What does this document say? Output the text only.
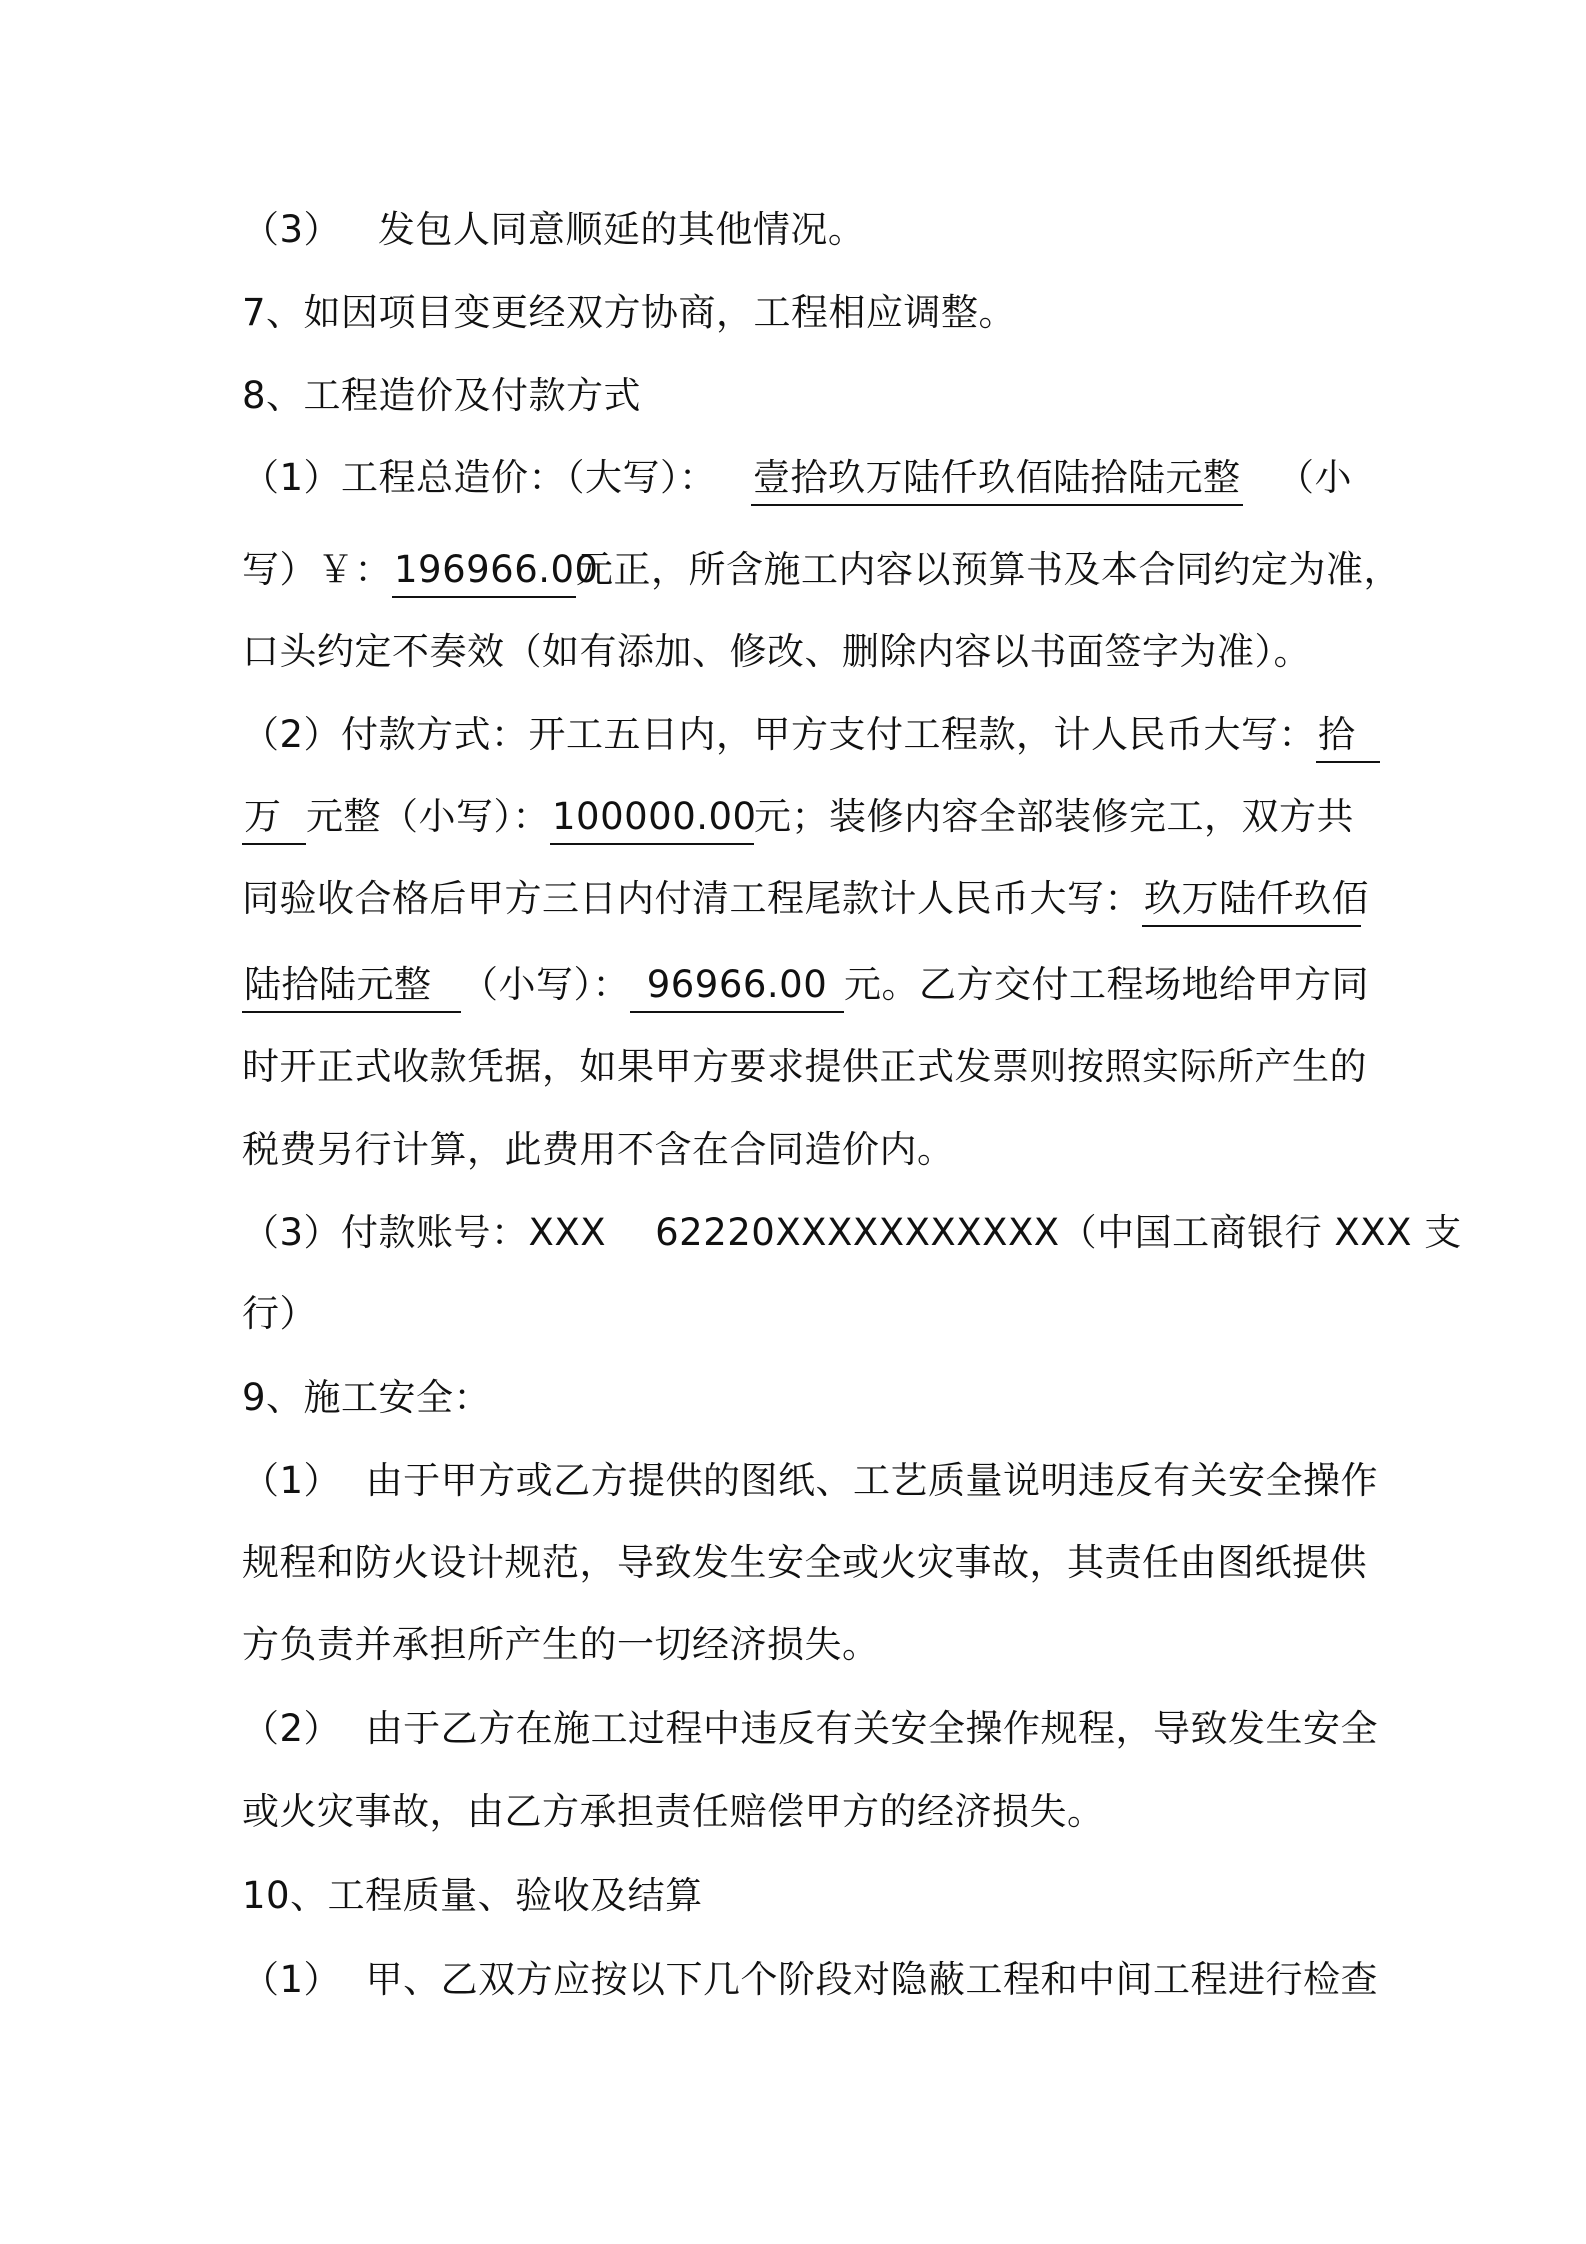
（3）   发包人同意顺延的其他情况。
7、如因项目变更经双方协商，工程相应调整。
8、工程造价及付款方式
（1）工程总造价：（大写）： 壹拾玖万陆仟玖佰陆拾陆元整 （小
写）￥： 196966.00
元正，所含施工内容以预算书及本合同约定为准，
口头约定不奏效（如有添加、修改、删除内容以书面签字为准）。
（2）付款方式：开工五日内，甲方支付工程款，计人民币大写： 拾
万 元整（小写）： 100000.00
元；装修内容全部装修完工，双方共
同验收合格后甲方三日内付清工程尾款计人民币大写： 玖万陆仟玖佰
陆拾陆元整 （小写）： 96966.00 元。乙方交付工程场地给甲方同
时开正式收款凭据，如果甲方要求提供正式发票则按照实际所产生的
税费另行计算，此费用不含在合同造价内。
（3）付款账号：XXX    62220XXXXXXXXXXX（中国工商银行 XXX 支
行）
9、施工安全：
（1）  由于甲方或乙方提供的图纸、工艺质量说明违反有关安全操作
规程和防火设计规范，导致发生安全或火灾事故，其责任由图纸提供
方负责并承担所产生的一切经济损失。
（2）  由于乙方在施工过程中违反有关安全操作规程，导致发生安全
或火灾事故，由乙方承担责任赔偿甲方的经济损失。
10、工程质量、验收及结算
（1）  甲、乙双方应按以下几个阶段对隐蔽工程和中间工程进行检查
